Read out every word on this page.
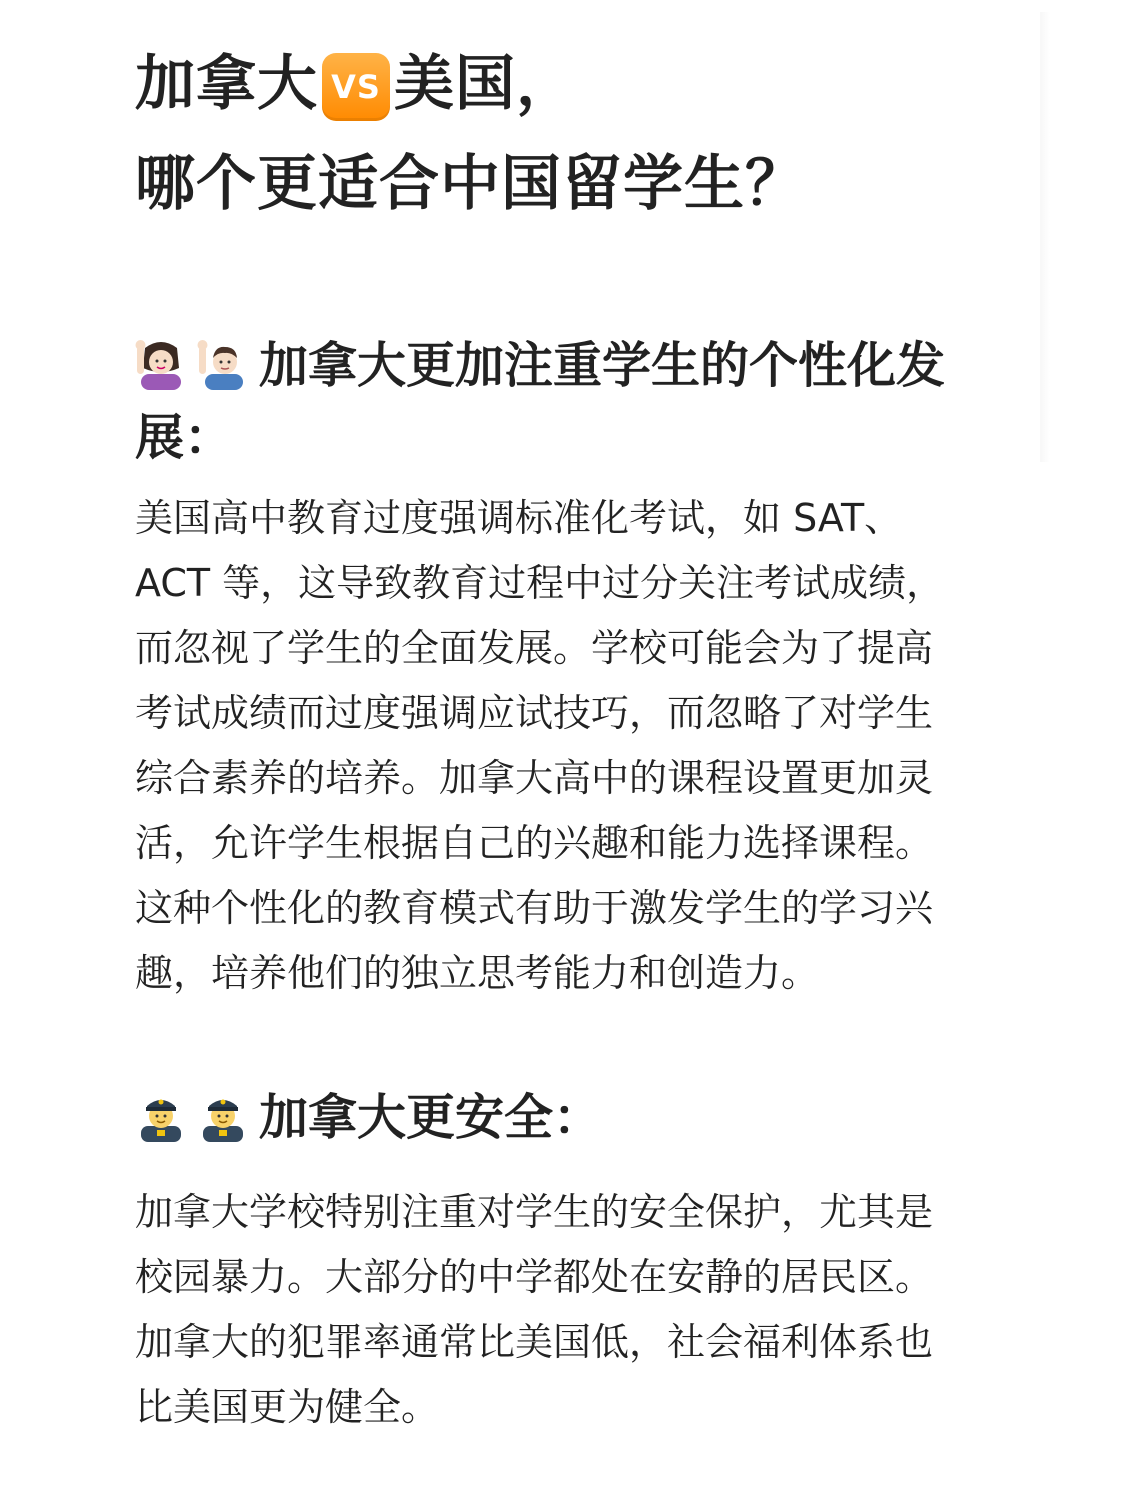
加拿大 VS 美国，
哪个更适合中国留学生？
加拿大更加注重学生的个性化发展：
美国高中教育过度强调标准化考试，如 SAT、ACT 等，这导致教育过程中过分关注考试成绩，而忽视了学生的全面发展。学校可能会为了提高考试成绩而过度强调应试技巧，而忽略了对学生综合素养的培养。加拿大高中的课程设置更加灵活，允许学生根据自己的兴趣和能力选择课程。这种个性化的教育模式有助于激发学生的学习兴趣，培养他们的独立思考能力和创造力。
加拿大更安全：
加拿大学校特别注重对学生的安全保护，尤其是校园暴力。大部分的中学都处在安静的居民区。加拿大的犯罪率通常比美国低，社会福利体系也比美国更为健全。
